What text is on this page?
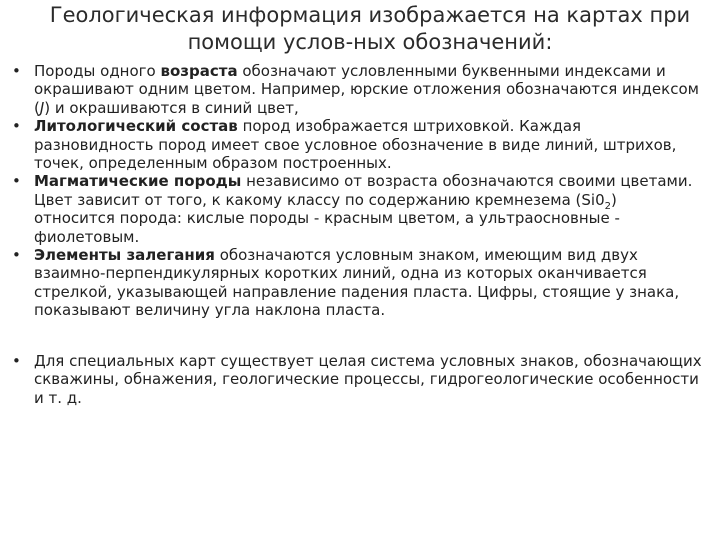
Геологическая информация изображается на картах при
помощи услов-ных обозначений:
• Породы одного возраста обозначают условленными буквенными индексами и окрашивают одним цветом. Например, юрские отложения обозначаются индексом (J) и окрашиваются в синий цвет,
• Литологический состав пород изображается штриховкой. Каждая разновидность пород имеет свое условное обозначение в виде линий, штрихов, точек, определенным образом построенных.
• Магматические породы независимо от возраста обозначаются своими цветами. Цвет зависит от того, к какому классу по содержанию кремнезема $(Si0_2)$ относится порода: кислые породы - красным цветом, а ультраосновные - фиолетовым.
• Элементы залегания обозначаются условным знаком, имеющим вид двух взаимно-перпендикулярных коротких линий, одна из которых оканчивается стрелкой, указывающей направление падения пласта. Цифры, стоящие у знака, показывают величину угла наклона пласта.
• Для специальных карт существует целая система условных знаков, обозначающих скважины, обнажения, геологические процессы, гидрогеологические особенности и т. д.
